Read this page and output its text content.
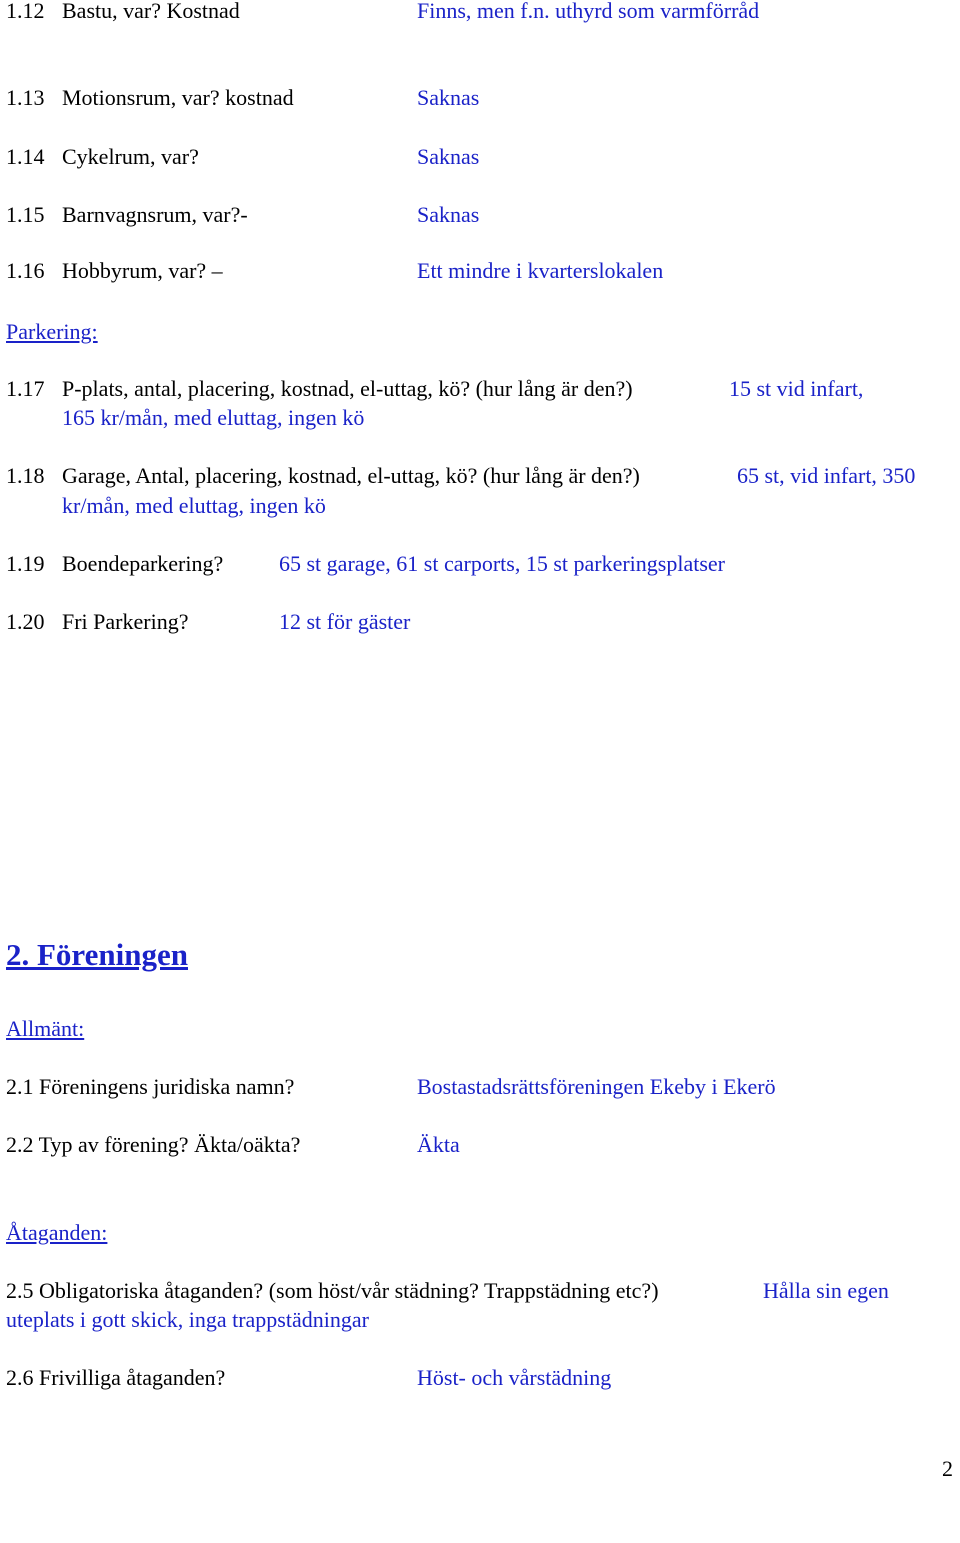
1.12 Bastu, var? Kostnad	Finns, men f.n. uthyrd som varmförråd
1.13 Motionsrum, var? kostnad	Saknas
1.14 Cykelrum, var?	Saknas
1.15 Barnvagnsrum, var?-	Saknas
1.16 Hobbyrum, var? –	Ett mindre i kvarterslokalen
Parkering:
1.17 P-plats, antal, placering, kostnad, el-uttag, kö? (hur lång är den?)	15 st vid infart,
165 kr/mån, med eluttag, ingen kö
1.18 Garage, Antal, placering, kostnad, el-uttag, kö? (hur lång är den?)	65 st, vid infart, 350
kr/mån, med eluttag, ingen kö
1.19 Boendeparkering?	65 st garage, 61 st carports, 15 st parkeringsplatser
1.20 Fri Parkering?	12 st för gäster
2. Föreningen
Allmänt:
2.1 Föreningens juridiska namn?	Bostastadsrättsföreningen Ekeby i Ekerö
2.2 Typ av förening? Äkta/oäkta?	Äkta
Åtaganden:
2.5 Obligatoriska åtaganden? (som höst/vår städning? Trappstädning etc?)	Hålla sin egen
uteplats i gott skick, inga trappstädningar
2.6 Frivilliga åtaganden?	Höst- och vårstädning
2
